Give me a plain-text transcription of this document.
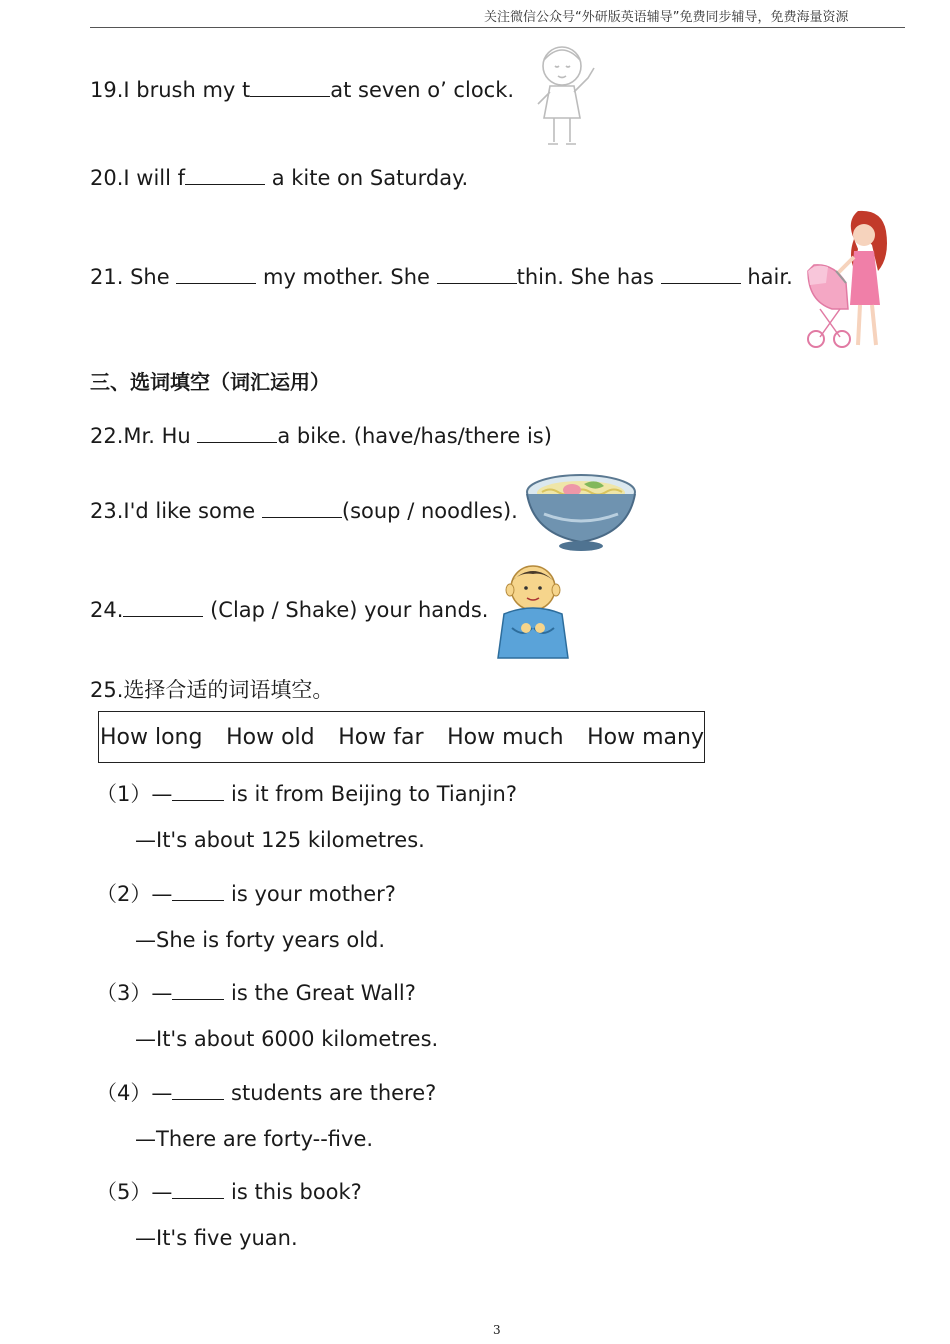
关注微信公众号“外研版英语辅导”免费同步辅导，免费海量资源
19.I brush my t	at seven o’ clock.
20.I will f	a kite on Saturday.
21. She	my mother. She	thin. She has	hair.
三、选词填空（词汇运用）
22.Mr. Hu	a bike. (have/has/there is)
23.I'd like some	(soup / noodles).
24.	(Clap / Shake) your hands.
25.选择合适的词语填空。
How long How old How far How much How many
（1）— is it from Beijing to Tianjin?
—It's about 125 kilometres.
（2）— is your mother?
—She is forty years old.
（3）— is the Great Wall?
—It's about 6000 kilometres.
（4）— students are there?
—There are forty--five.
（5）— is this book?
—It's five yuan.
3
